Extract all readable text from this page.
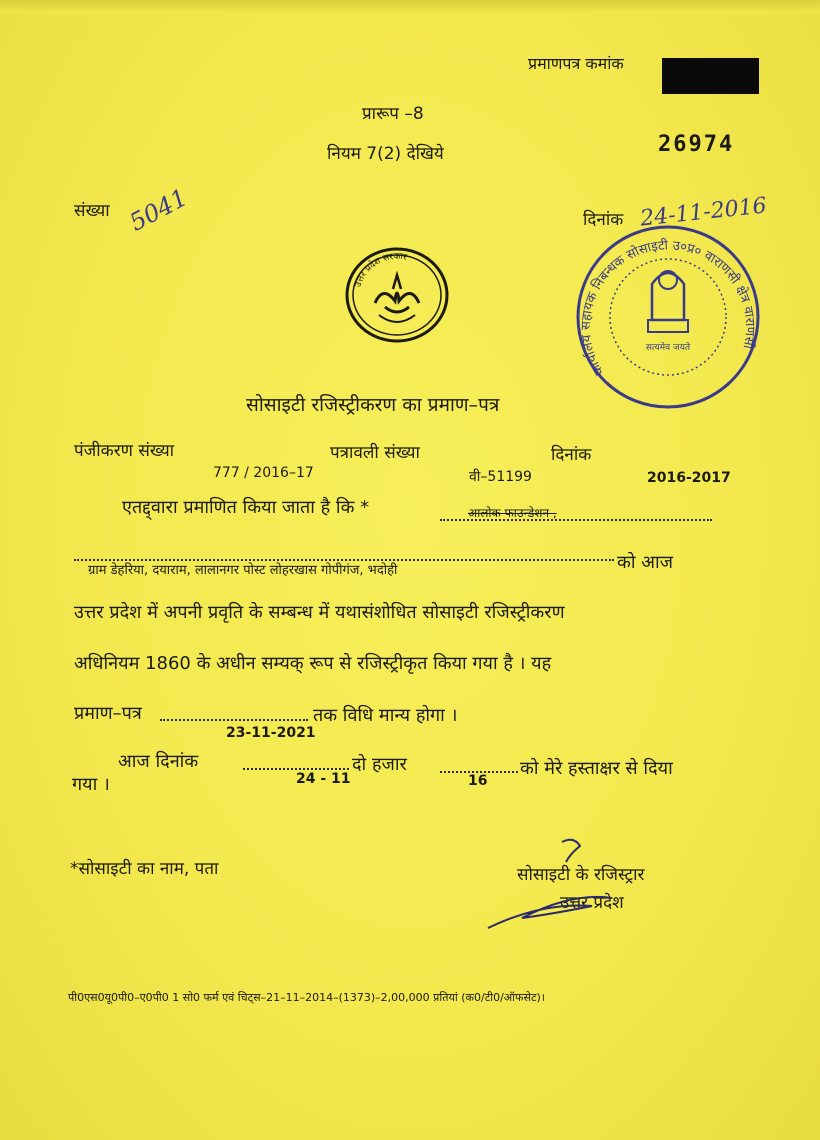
प्रमाणपत्र कमांक
26974
प्रारूप –8
नियम 7(2) देखिये
संख्या 5041	दिनांक 24-11-2016
उत्तर प्रदेश सरकार
कार्यालय सहायक निबन्धक सोसाइटी उ०प्र० वाराणसी क्षेत्र वाराणसी
सत्यमेव जयते
सोसाइटी रजिस्ट्रीकरण का प्रमाण–पत्र
पंजीकरण संख्या
777 / 2016–17
पत्रावली संख्या
वी–51199
दिनांक
2016-2017
एतद्द्वारा प्रमाणित किया जाता है कि *	आलोक फाउन्डेशन ,
ग्राम डेहरिया, दयाराम, लालानगर पोस्ट लोहरखास गोपीगंज, भदोही	को आज
उत्तर प्रदेश में अपनी प्रवृति के सम्बन्ध में यथासंशोधित सोसाइटी रजिस्ट्रीकरण
अधिनियम 1860 के अधीन सम्यक् रूप से रजिस्ट्रीकृत किया गया है । यह
प्रमाण–पत्र	तक विधि मान्य होगा ।
23-11-2021
आज दिनांक	दो हजार	को मेरे हस्ताक्षर से दिया
गया ।	24 - 11	16
*सोसाइटी का नाम, पता	सोसाइटी के रजिस्ट्रार
उत्तर प्रदेश
पी0एस0यू0पी0–ए0पी0 1 सो0 फर्म एवं चिट्स–21–11–2014–(1373)–2,00,000 प्रतियां (क0/टी0/ऑफसेट)।
